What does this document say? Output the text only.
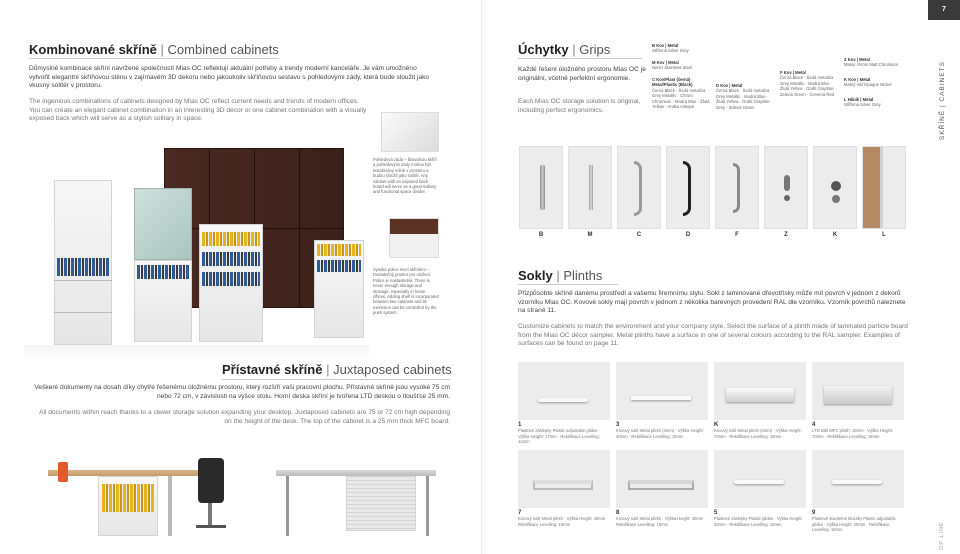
Kombinované skříně | Combined cabinets

Důmyslné kombinace skříní navržené společností Mias OC reflektují aktuální potřeby a trendy moderní kanceláře. Je vám umožněno vytvořit elegantní skříňovou stěnu v zajímavém 3D dekoru nebo jakoukoliv skříňovou sestavu s pohledovými zády, která bude sloužit jako vkusný solitér v prostoru.

The ingenious combinations of cabinets designed by Mias OC reflect current needs and trends of modern offices. You can create an elegant cabinet combination in an interesting 3D décor or one cabinet combination with a visually exposed back which will serve as a stylish solitary in space.

Pohledová záda – libovolnou skříň a pohledovými zády mohou být instalovány volně v prostoru a budou sloužit jako solitér. Any cabinet with an exposed back board will serve as a great solitary and functional space divider.

Vysoká police mezi skříněmi – Dostatečný prostor pro uložení. Police je nastavitelná. There is never enough storage and stowage, especially in home offices. Adding shelf is incorporated between two cabinets and its extension can be controlled by the push system.

Přístavné skříně | Juxtaposed cabinets

Veškeré dokumenty na dosah díky chytře řešenému úložnému prostoru, který rozšíří vaši pracovní plochu. Přístavné skříně jsou vysoké 75 cm nebo 72 cm, v závislosti na výšce stolu. Horní deska skříní je tvořena LTD deskou o tloušťce 25 mm.

All documents within reach thanks to a clever storage solution expanding your desktop. Juxtaposed cabinets are 75 or 72 cm high depending on the height of the desk. The top of the cabinet is a 25 mm thick MFC board.

7
SKŘÍNĚ | CABINETS
OP LINE
Úchytky | Grips

Každé řešení úložného prostoru Mias OC je originální, včetně perfektní ergonomie.

Each Mias OC storage solution is original, including perfect ergonomics.

B Kov | Metal
Stříbrná Silver Grey
M Kov | Metal
Nerez Stainless Steel
C Kov/Plast (černá) Metal/Plastic (Black)
Černá Black · Šedá metalíza Grey Metallic · Chrom Chromium · Modrá Blue · Žlutá Yellow · Antika Antique
D Kov | Metal
Černá Black · Šedá metalíza Grey Metallic · Modrá Blue · Žlutá Yellow · Grafit Graphite Grey · Zelená Green
F Kov | Metal
Černá Black · Šedá metalíza Grey Metallic · Modrá Blue · Žlutá Yellow · Grafit Graphite · Zelená Green · Červená Red
Z Kov | Metal
Matný chrom Matt Chromium
K Kov | Metal
Matný nikl Opaque Nickel
L Hliník | Metal
Stříbrná Silver Grey
B	M	C	D	F	Z	K	L
Sokly | Plinths

Přizpůsobte skříně danému prostředí a vašemu firemnímu stylu. Sokl z laminované dřevotřísky může mít povrch v jednom z dekorů vzorníku Mias OC. Kovové sokly mají povrch v jednom z několika barevných provedení RAL dle vzorníku. Vzorník povrchů naleznete na straně 11.

Customize cabinets to match the environment and your company style. Select the surface of a plinth made of laminated particle board from the Mias OC décor sampler. Metal plinths have a surface in one of several colours according to the RAL sampler. Examples of surfaces can be found on page 11.

1
Plastové záslepky Plastic adjustable glides · Výška Height: 17mm · Rektifikace Levelling: 12mm
3
Kovový sokl Metal plinth (2mm) · Výška Height: 40mm · Rektifikace Levelling: 15mm
K
Kovový sokl Metal plinth (2mm) · Výška Height: 70mm · Rektifikace Levelling: 15mm
4
LTD sokl MFC plinth: 19mm · Výška Height: 70mm · Rektifikace Levelling: 15mm
7
Kovový sokl Metal plinth · Výška Height: 40mm · Rektifikace Levelling: 15mm
8
Kovový sokl Metal plinth · Výška Height: 40mm · Rektifikace Levelling: 15mm
5
Plastové záslepky Plastic glides · Výška Height: 20mm · Rektifikace Levelling: 10mm
9
Plastové stavitelné kluzáky Plastic adjustable glides · Výška Height: 20mm · Rektifikace Levelling: 10mm
